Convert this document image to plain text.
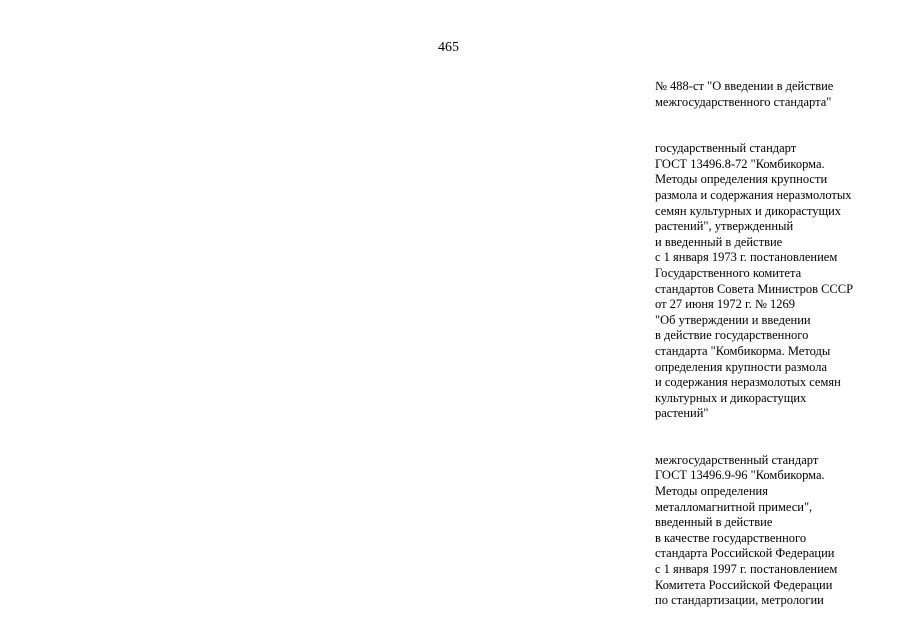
465
№ 488-ст "О введении в действие
межгосударственного стандарта"
государственный стандарт
ГОСТ 13496.8-72 "Комбикорма.
Методы определения крупности
размола и содержания неразмолотых
семян культурных и дикорастущих
растений", утвержденный
и введенный в действие
с 1 января 1973 г. постановлением
Государственного комитета
стандартов Совета Министров СССР
от 27 июня 1972 г. № 1269
"Об утверждении и введении
в действие государственного
стандарта "Комбикорма. Методы
определения крупности размола
и содержания неразмолотых семян
культурных и дикорастущих
растений"
межгосударственный стандарт
ГОСТ 13496.9-96 "Комбикорма.
Методы определения
металломагнитной примеси",
введенный в действие
в качестве государственного
стандарта Российской Федерации
с 1 января 1997 г. постановлением
Комитета Российской Федерации
по стандартизации, метрологии
